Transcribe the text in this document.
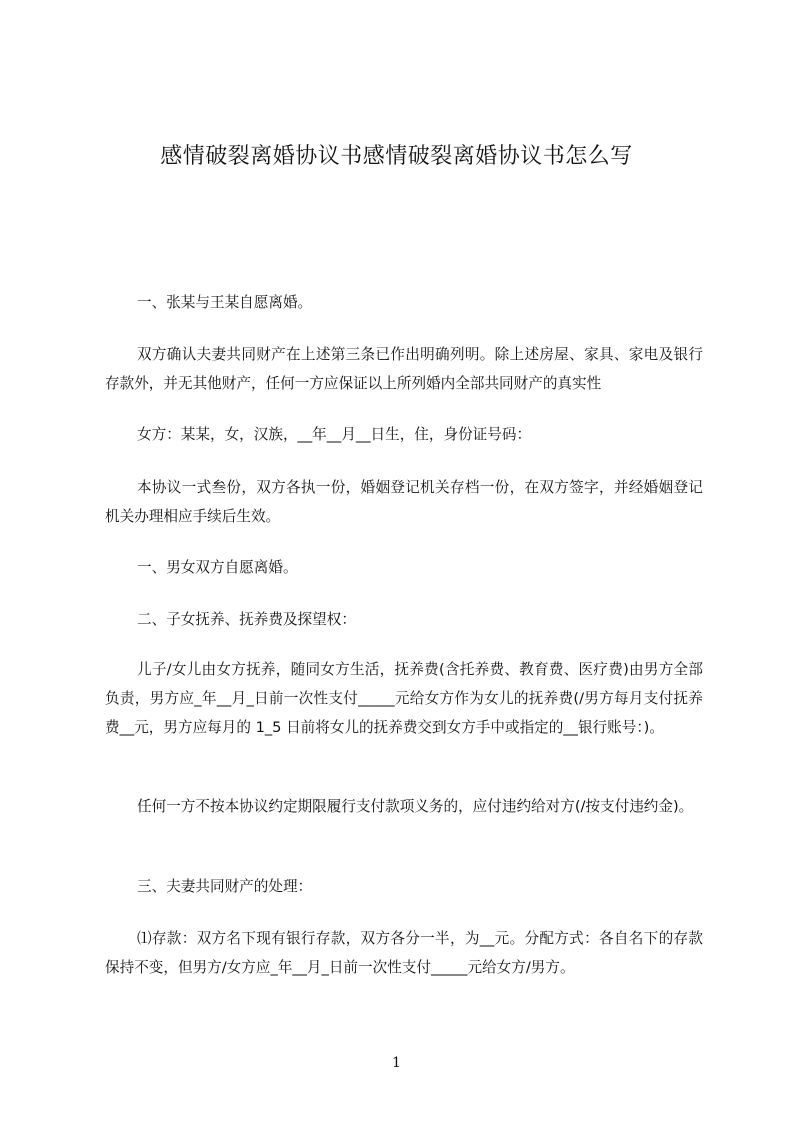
感情破裂离婚协议书感情破裂离婚协议书怎么写

一、张某与王某自愿离婚。

双方确认夫妻共同财产在上述第三条已作出明确列明。除上述房屋、家具、家电及银行存款外，并无其他财产，任何一方应保证以上所列婚内全部共同财产的真实性

女方：某某，女，汉族，__年__月__日生，住，身份证号码：

本协议一式叁份，双方各执一份，婚姻登记机关存档一份，在双方签字，并经婚姻登记机关办理相应手续后生效。

一、男女双方自愿离婚。

二、子女抚养、抚养费及探望权：

儿子/女儿由女方抚养，随同女方生活，抚养费(含托养费、教育费、医疗费)由男方全部负责，男方应_年__月_日前一次性支付_____元给女方作为女儿的抚养费(/男方每月支付抚养费__元，男方应每月的 1_5 日前将女儿的抚养费交到女方手中或指定的__银行账号：)。

任何一方不按本协议约定期限履行支付款项义务的，应付违约给对方(/按支付违约金)。

三、夫妻共同财产的处理：

⑴存款：双方名下现有银行存款，双方各分一半，为__元。分配方式：各自名下的存款保持不变，但男方/女方应_年__月_日前一次性支付_____元给女方/男方。

1
